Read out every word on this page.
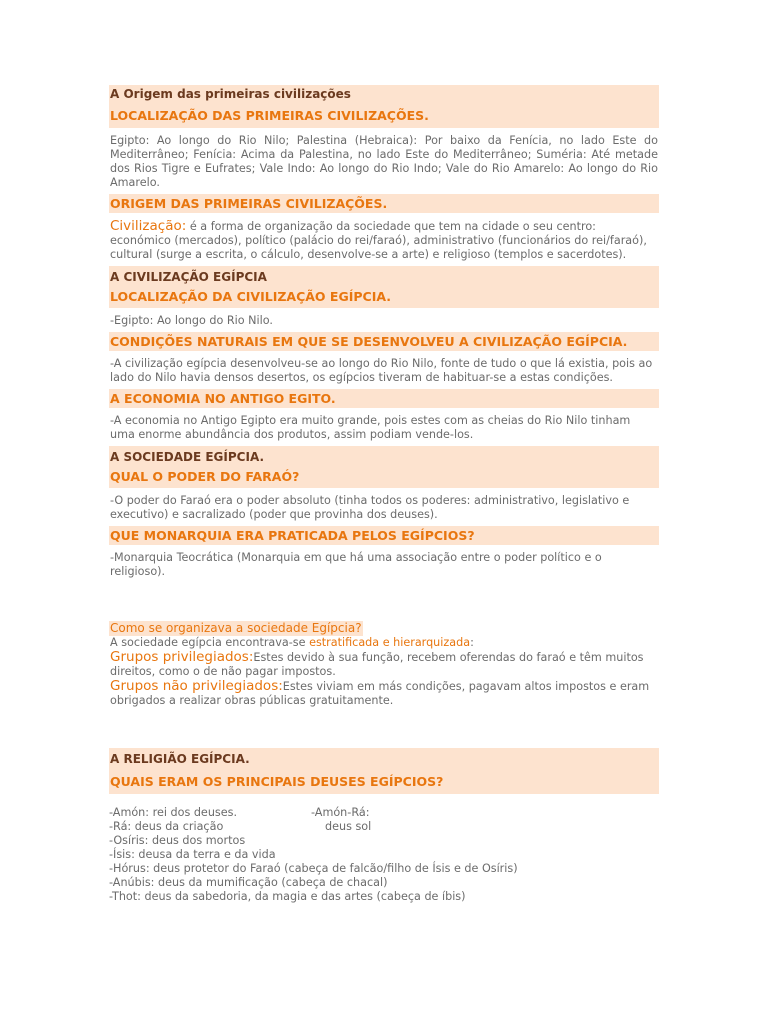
A Origem das primeiras civilizações
LOCALIZAÇÃO DAS PRIMEIRAS CIVILIZAÇÕES.

Egipto: Ao longo do Rio Nilo; Palestina (Hebraica): Por baixo da Fenícia, no lado Este do Mediterrâneo; Fenícia: Acima da Palestina, no lado Este do Mediterrâneo; Suméria: Até metade dos Rios Tigre e Eufrates; Vale Indo: Ao longo do Rio Indo; Vale do Rio Amarelo: Ao longo do Rio Amarelo.

ORIGEM DAS PRIMEIRAS CIVILIZAÇÕES.

Civilização: é a forma de organização da sociedade que tem na cidade o seu centro: económico (mercados), político (palácio do rei/faraó), administrativo (funcionários do rei/faraó), cultural (surge a escrita, o cálculo, desenvolve-se a arte) e religioso (templos e sacerdotes).

A CIVILIZAÇÃO EGÍPCIA
LOCALIZAÇÃO DA CIVILIZAÇÃO EGÍPCIA.

-Egipto: Ao longo do Rio Nilo.

CONDIÇÕES NATURAIS EM QUE SE DESENVOLVEU A CIVILIZAÇÃO EGÍPCIA.

-A civilização egípcia desenvolveu-se ao longo do Rio Nilo, fonte de tudo o que lá existia, pois ao lado do Nilo havia densos desertos, os egípcios tiveram de habituar-se a estas condições.

A ECONOMIA NO ANTIGO EGITO.

-A economia no Antigo Egipto era muito grande, pois estes com as cheias do Rio Nilo tinham uma enorme abundância dos produtos, assim podiam vende-los.

A SOCIEDADE EGÍPCIA.
QUAL O PODER DO FARAÓ?

-O poder do Faraó era o poder absoluto (tinha todos os poderes: administrativo, legislativo e executivo) e sacralizado (poder que provinha dos deuses).

QUE MONARQUIA ERA PRATICADA PELOS EGÍPCIOS?

-Monarquia Teocrática (Monarquia em que há uma associação entre o poder político e o religioso).

Como se organizava a sociedade Egípcia?

A sociedade egípcia encontrava-se estratificada e hierarquizada:

Grupos privilegiados:Estes devido à sua função, recebem oferendas do faraó e têm muitos direitos, como o de não pagar impostos.

Grupos não privilegiados:Estes viviam em más condições, pagavam altos impostos e eram obrigados a realizar obras públicas gratuitamente.

A RELIGIÃO EGÍPCIA.
QUAIS ERAM OS PRINCIPAIS DEUSES EGÍPCIOS?
-Amón: rei dos deuses.	-Amón-Rá:
-Rá: deus da criação	deus sol
-Osíris: deus dos mortos
-Ísis: deusa da terra e da vida
-Hórus: deus protetor do Faraó (cabeça de falcão/filho de Ísis e de Osíris)
-Anúbis: deus da mumificação (cabeça de chacal)
-Thot: deus da sabedoria, da magia e das artes (cabeça de íbis)
